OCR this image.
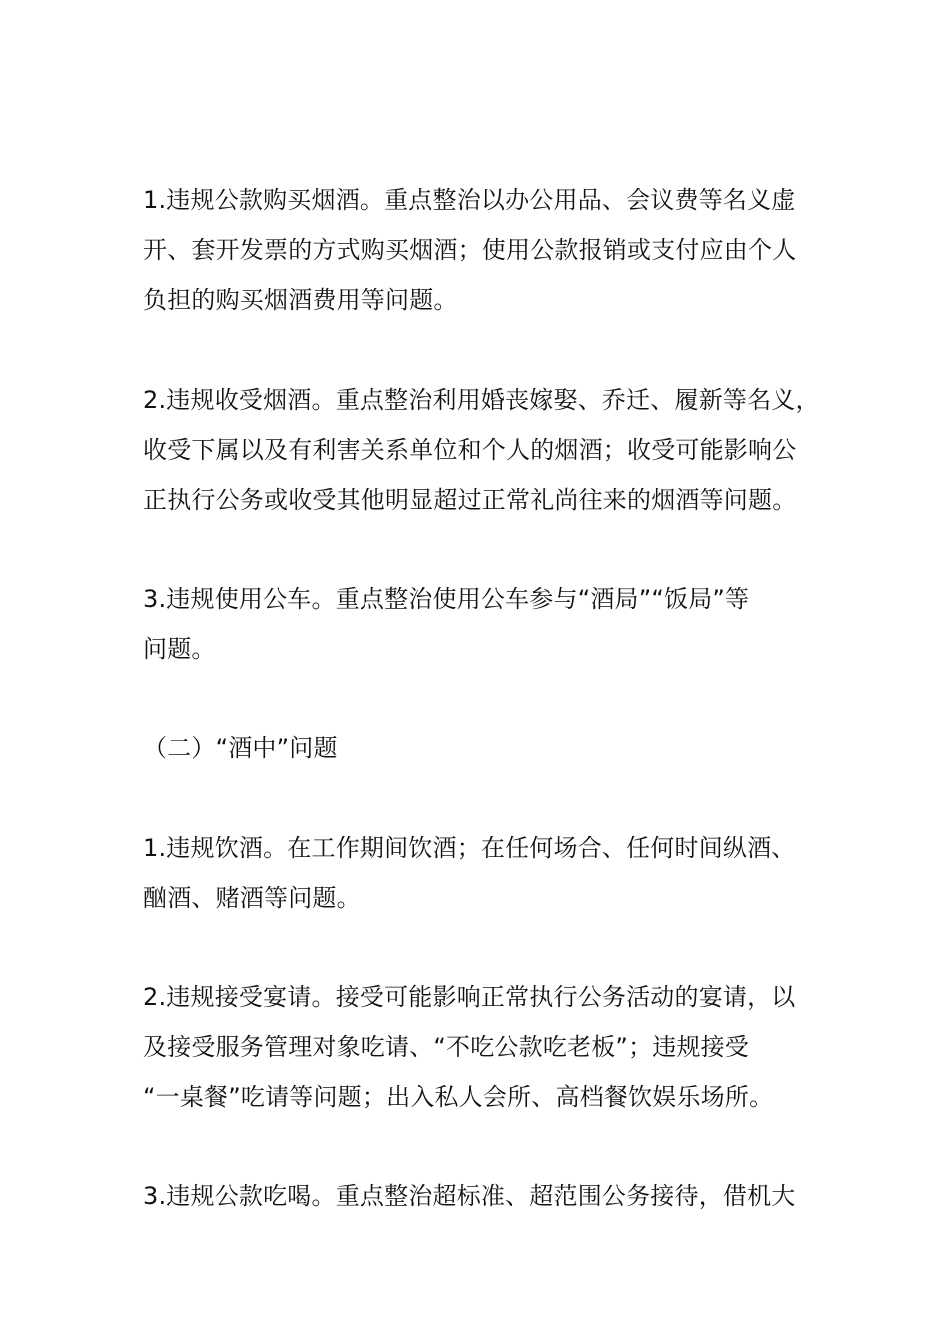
1.违规公款购买烟酒。重点整治以办公用品、会议费等名义虚
开、套开发票的方式购买烟酒；使用公款报销或支付应由个人
负担的购买烟酒费用等问题。
2.违规收受烟酒。重点整治利用婚丧嫁娶、乔迁、履新等名义，
收受下属以及有利害关系单位和个人的烟酒；收受可能影响公
正执行公务或收受其他明显超过正常礼尚往来的烟酒等问题。
3.违规使用公车。重点整治使用公车参与“酒局”“饭局”等
问题。
（二）“酒中”问题
1.违规饮酒。在工作期间饮酒；在任何场合、任何时间纵酒、
酗酒、赌酒等问题。
2.违规接受宴请。接受可能影响正常执行公务活动的宴请，以
及接受服务管理对象吃请、“不吃公款吃老板”；违规接受
“一桌餐”吃请等问题；出入私人会所、高档餐饮娱乐场所。
3.违规公款吃喝。重点整治超标准、超范围公务接待，借机大
